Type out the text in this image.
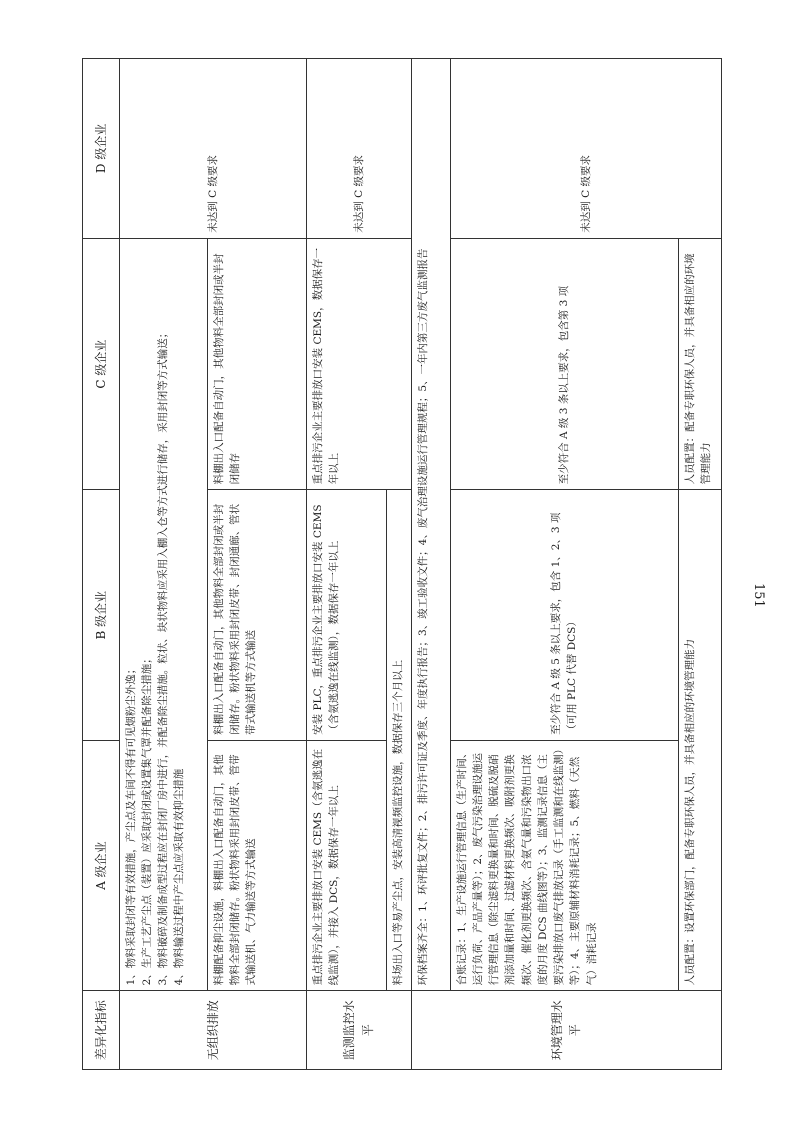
差异化指标	A 级企业	B 级企业	C 级企业	D 级企业
无组织排放	1、物料采取封闭等有效措施，产尘点及车间不得有可见烟粉尘外逸； 2、生产工艺产尘点（装置）应采取封闭或设置集气罩并配备除尘措施； 3、物料破碎及制备成型过程应在封闭厂房中进行，并配备除尘措施。粒状、块状物料应采用入棚入仓等方式进行储存，采用封闭等方式输送； 4、物料输送过程中产尘点应采取有效抑尘措施			未达到 C 级要求
	料棚配备抑尘设施，料棚出入口配备自动门，其他物料全部封闭储存。粉状物料采用封闭皮带、管带式输送机、气力输送等方式输送	料棚出入口配备自动门，其他物料全部封闭或半封闭储存。粉状物料采用封闭皮带、封闭通廊、管状带式输送机等方式输送	料棚出入口配备自动门，其他物料全部封闭或半封闭储存	
监测监控水平	重点排污企业主要排放口安装 CEMS（含氨逃逸在线监测），并接入 DCS，数据保存一年以上	安装 PLC，重点排污企业主要排放口安装 CEMS（含氨逃逸在线监测），数据保存一年以上	重点排污企业主要排放口安装 CEMS，数据保存一年以上	未达到 C 级要求
	料场出入口等易产尘点，安装高清视频监控设施，数据保存三个月以上			
环境管理水平	环保档案齐全：1、环评批复文件；2、排污许可证及季度、年度执行报告；3、竣工验收文件；4、废气治理设施运行管理规程；5、一年内第三方废气监测报告			
	台账记录：1、生产设施运行管理信息（生产时间、运行负荷、产品产量等）；2、废气污染治理设施运行管理信息（除尘滤料更换量和时间、脱硫及脱硝剂添加量和时间、过滤材料更换频次、吸附剂更换频次、催化剂更换频次、含氨气量和污染物出口浓度的月度 DCS 曲线图等）；3、监测记录信息（主要污染排放口废气排放记录（手工监测和在线监测）等）；4、主要原辅材料消耗记录；5、燃料（天然气）消耗记录	至少符合 A 级 5 条以上要求，包含 1、2、3 项（可用 PLC 代替 DCS）	至少符合 A 级 3 条以上要求，包含第 3 项	未达到 C 级要求
	人员配置：设置环保部门，配备专职环保人员，并具备相应的环境管理能力		人员配置：配备专职环保人员，并具备相应的环境管理能力	
151
